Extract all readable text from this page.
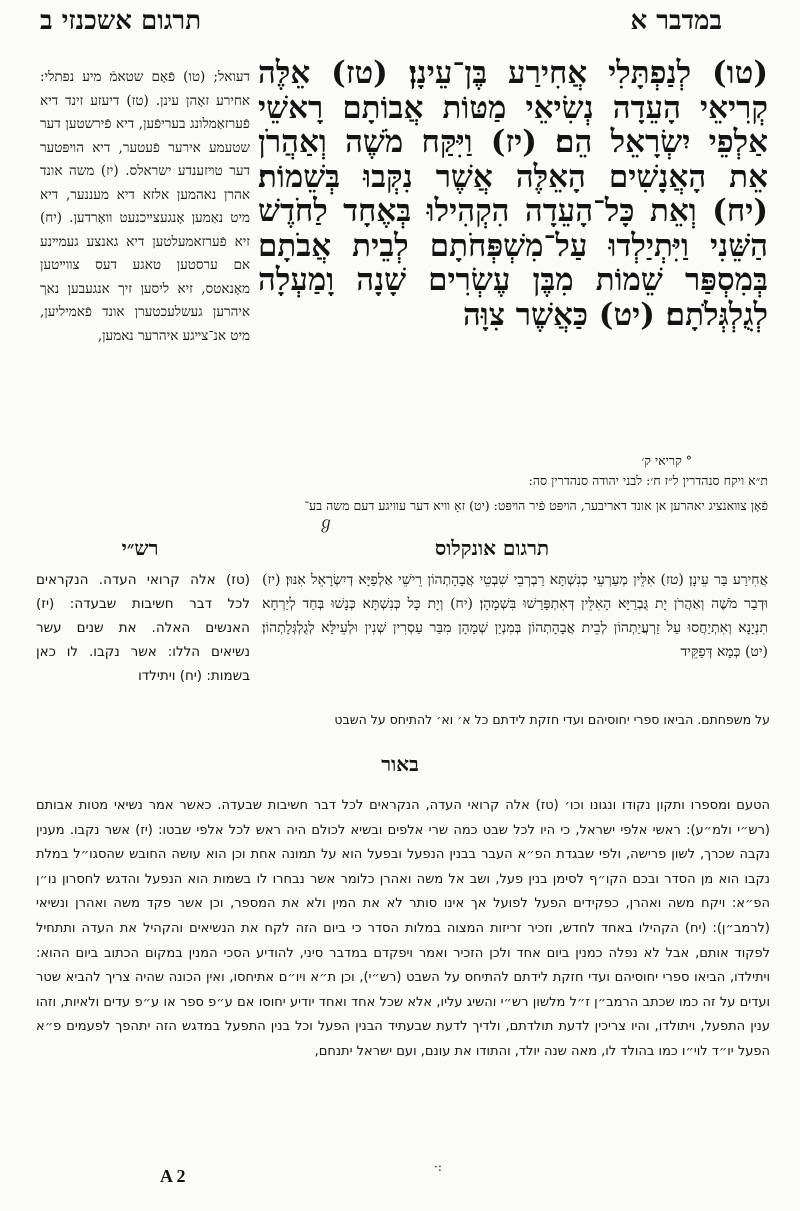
במדבר א
תרגום אשכנזי ב
(טו) לְנַפְתָּלִי אֲחִירַע בֶּן־עֵינָן׃ (טז) אֵלֶּה קְרִיאֵי הָעֵדָה נְשִׂיאֵי מַטּוֹת אֲבוֹתָם רָאשֵׁי אַלְפֵי יִשְׂרָאֵל הֵם׃ (יז) וַיִּקַּח מֹשֶׁה וְאַהֲרֹן אֵת הָאֲנָשִׁים הָאֵלֶּה אֲשֶׁר נִקְּבוּ בְּשֵׁמוֹת׃ (יח) וְאֵת כָּל־הָעֵדָה הִקְהִילוּ בְּאֶחָד לַחֹדֶשׁ הַשֵּׁנִי וַיִּתְיַלְדוּ עַל־מִשְׁפְּחֹתָם לְבֵית אֲבֹתָם בְּמִסְפַּר שֵׁמוֹת מִבֶּן עֶשְׂרִים שָׁנָה וָמַעְלָה לְגֻלְגְּלֹתָם׃ (יט) כַּאֲשֶׁר צִוָּה
דעואל; (טו) פֿאָם שטאמֿ מיע נפתלי: אחירע זאָהן עינן. (טז) דיעזע זינד דיא פֿערזאַמלונג בעריפֿען, דיא פֿירשטען דער שטעמע אירער פֿעטער, דיא הױפּטער דער טױזענדע ישראלס. (יז) משה אונד אהרן נאהמען אלזא דיא מעננער, דיא מיט נאַמען אָנגעצײכנעט װאָרדען. (יח) זיא פֿערזאמעלטען דיא גאנצע געמײנע אם ערסטען טאגע דעס צװײטען מאָנאטס, זיא ליסען זיך אנגעבען נאך איהרען געשלעכטערן אונד פֿאמיליען, מיט אנ־צײגע איהרער נאמען,
° קריאי ק׳
ת״א ויקח סנהדרין ל״ז ח׳: לבני יהודה סנהדרין סה:
פֿאָן צװאנציג יאהרען אן אונד דאריבער, הױפּט פֿיר הױפּט: (יט) זאָ װיא דער עװיגע דעם משה בע־
ℊ
תרגום אונקלוס
רש״י
אֲחִירַע בַּר עֵינָן׃ (טז) אִלֵּין מְעַרְעֵי כְנִשְׁתָּא רַבְרְבֵי שִׁבְטֵי אֲבָהָתְהוֹן רֵישֵׁי אַלְפַיָּא דְיִשְׂרָאֵל אִנּוּן׃ (יז) וּדְבַר מֹשֶׁה וְאַהֲרֹן יָת גֻּבְרַיָּא הָאִלֵּין דְּאִתְפָּרַשׁוּ בִּשְׁמָהָן׃ (יח) וְיָת כָּל כְּנִשְׁתָּא כְּנָשׁוּ בְּחַד לְיַרְחָא תִנְיָנָא וְאִתְיַחֲסוּ עַל זַרְעֲיַתְהוֹן לְבֵית אֲבָהָתְהוֹן בְּמִנְיַן שְׁמָהָן מִבַּר עַסְרִין שְׁנִין וּלְעֵילָּא לְגֻלְגְּלָתְהוֹן׃ (יט) כְּמָא דְּפַקֵּיד
(טז) אלה קרואי העדה. הנקראים לכל דבר חשיבות שבעדה: (יז) האנשים האלה. את שנים עשר נשיאים הללו: אשר נקבו. לו כאן בשמות: (יח) ויתילדו
על משפחתם. הביאו ספרי יחוסיהם ועדי חזקת לידתם כל א׳ וא׳ להתיחס על השבט
באור
הטעם ומספרו ותקון נקודו ונגונו וכו׳ (טז) אלה קרואי העדה, הנקראים לכל דבר חשיבות שבעדה. כאשר אמר נשיאי מטות אבותם (רש״י ולמ״ע): ראשי אלפי ישראל, כי היו לכל שבט כמה שרי אלפים ובשיא לכולם היה ראש לכל אלפי שבטו: (יז) אשר נקבו. מענין נקבה שכרך, לשון פרישה, ולפי שבגדת הפ״א העבר בבנין הנפעל ובפעל הוא על תמונה אחת וכן הוא עושה החובש שהסגו״ל במלת נקבו הוא מן הסדר ובכם הקו״ף לסימן בנין פעל, ושב אל משה ואהרן כלומר אשר נבחרו לו בשמות הוא הנפעל והדגש לחסרון נו״ן הפ״א: ויקח משה ואהרן, כפקידים הפעל לפועל אך אינו סותר לא את המין ולא את המספר, וכן אשר פקד משה ואהרן ונשיאי (לרמב״ן): (יח) הקהילו באחד לחדש, וזכיר זריזות המצוה במלות הסדר כי ביום הזה לקח את הנשיאים והקהיל את העדה ותתחיל לפקוד אותם, אבל לא נפלה כמנין ביום אחד ולכן הזכיר ואמר ויפקדם במדבר סיני, להודיע הסכי המנין במקום הכתוב ביום ההוא: ויתילדו, הביאו ספרי יחוסיהם ועדי חזקת לידתם להתיחס על השבט (רש״י), וכן ת״א ויו״ם אתיחסו, ואין הכונה שהיה צריך להביא שטר ועדים על זה כמו שכתב הרמב״ן ז״ל מלשון רש״י והשיג עליו, אלא שכל אחד ואחד יודיע יחוסו אם ע״פ ספר או ע״פ עדים ולאיות, וזהו ענין התפעל, ויתולדו, והיו צריכין לדעת תולדתם, ולדיך לדעת שבעתיד הבנין הפעל וכל בנין התפעל במדגש הזה יתהפך לפעמים פ״א הפעל יו״ד לוי״ו כמו בהולד לו, מאה שנה יולד, והתודו את עונם, ועם ישראל יתנחם,
A 2	·:
